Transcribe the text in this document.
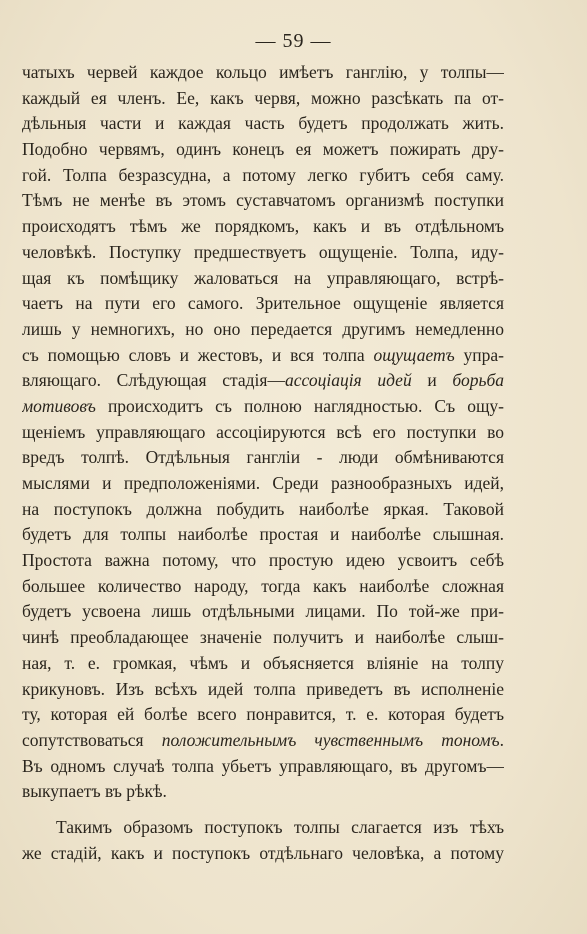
— 59 —
чатыхъ червей каждое кольцо имѣетъ ганглію, у толпы—
каждый ея членъ. Ее, какъ червя, можно разсѣкать па от-
дѣльныя части и каждая часть будетъ продолжать жить.
Подобно червямъ, одинъ конецъ ея можетъ пожирать дру-
гой. Толпа безразсудна, а потому легко губитъ себя саму.
Тѣмъ не менѣе въ этомъ суставчатомъ организмѣ поступки
происходятъ тѣмъ же порядкомъ, какъ и въ отдѣльномъ
человѣкѣ. Поступку предшествуетъ ощущеніе. Толпа, иду-
щая къ помѣщику жаловаться на управляющаго, встрѣ-
чаетъ на пути его самого. Зрительное ощущеніе является
лишь у немногихъ, но оно передается другимъ немедленно
съ помощью словъ и жестовъ, и вся толпа ощущаетъ упра-
вляющаго. Слѣдующая стадія—ассоціація идей и борьба
мотивовъ происходитъ съ полною наглядностью. Съ ощу-
щеніемъ управляющаго ассоціируются всѣ его поступки во
вредъ толпѣ. Отдѣльныя гангліи - люди обмѣниваются
мыслями и предположеніями. Среди разнообразныхъ идей,
на поступокъ должна побудить наиболѣе яркая. Таковой
будетъ для толпы наиболѣе простая и наиболѣе слышная.
Простота важна потому, что простую идею усвоитъ себѣ
большее количество народу, тогда какъ наиболѣе сложная
будетъ усвоена лишь отдѣльными лицами. По той-же при-
чинѣ преобладающее значеніе получитъ и наиболѣе слыш-
ная, т. е. громкая, чѣмъ и объясняется вліяніе на толпу
крикуновъ. Изъ всѣхъ идей толпа приведетъ въ исполненіе
ту, которая ей болѣе всего понравится, т. е. которая будетъ
сопутствоваться положительнымъ чувственнымъ тономъ.
Въ одномъ случаѣ толпа убьетъ управляющаго, въ другомъ—
выкупаетъ въ рѣкѣ.
Такимъ образомъ поступокъ толпы слагается изъ тѣхъ
же стадій, какъ и поступокъ отдѣльнаго человѣка, а потому
